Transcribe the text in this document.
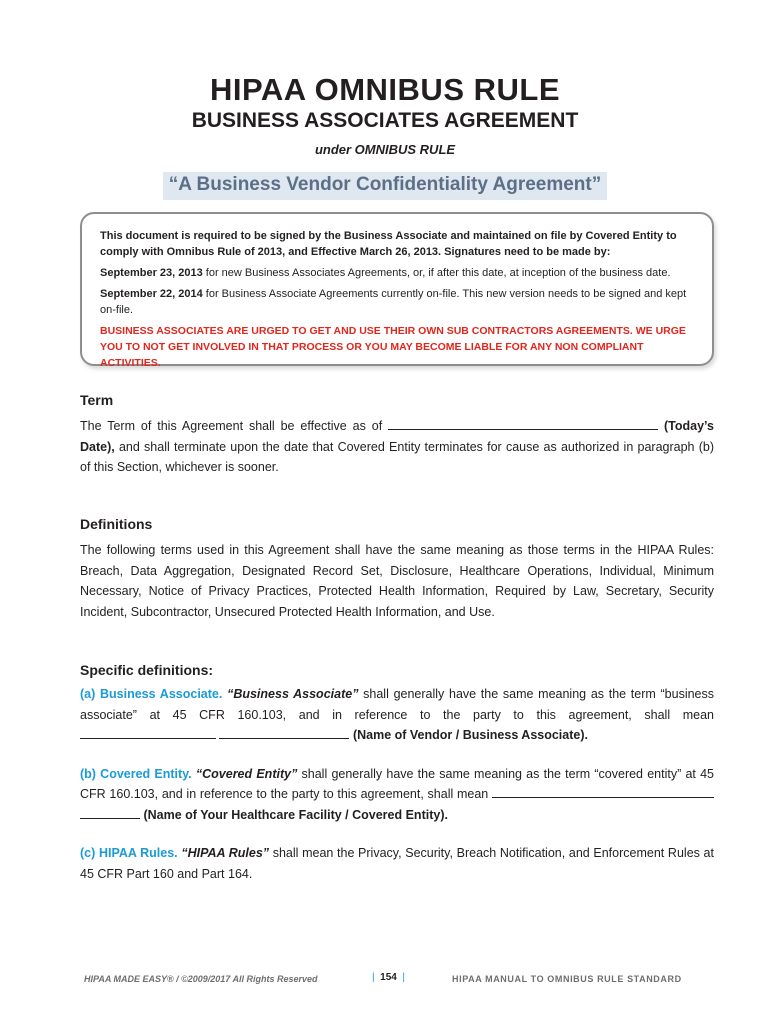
HIPAA OMNIBUS RULE
BUSINESS ASSOCIATES AGREEMENT
under OMNIBUS RULE
“A Business Vendor Confidentiality Agreement”

This document is required to be signed by the Business Associate and maintained on file by Covered Entity to comply with Omnibus Rule of 2013, and Effective March 26, 2013. Signatures need to be made by:

September 23, 2013 for new Business Associates Agreements, or, if after this date, at inception of the business date.

September 22, 2014 for Business Associate Agreements currently on-file. This new version needs to be signed and kept on-file.

BUSINESS ASSOCIATES ARE URGED TO GET AND USE THEIR OWN SUB CONTRACTORS AGREEMENTS. WE URGE YOU TO NOT GET INVOLVED IN THAT PROCESS OR YOU MAY BECOME LIABLE FOR ANY NON COMPLIANT ACTIVITIES.

Term

The Term of this Agreement shall be effective as of	(Today’s Date), and shall terminate upon the date that Covered Entity terminates for cause as authorized in paragraph (b) of this Section, whichever is sooner.

Definitions

The following terms used in this Agreement shall have the same meaning as those terms in the HIPAA Rules: Breach, Data Aggregation, Designated Record Set, Disclosure, Healthcare Operations, Individual, Minimum Necessary, Notice of Privacy Practices, Protected Health Information, Required by Law, Secretary, Security Incident, Subcontractor, Unsecured Protected Health Information, and Use.

Specific definitions:

(a) Business Associate. “Business Associate” shall generally have the same meaning as the term “business associate” at 45 CFR 160.103, and in reference to the party to this agreement, shall mean   (Name of Vendor / Business Associate).

(b) Covered Entity. “Covered Entity” shall generally have the same meaning as the term “covered entity” at 45 CFR 160.103, and in reference to the party to this agreement, shall mean   (Name of Your Healthcare Facility / Covered Entity).

(c) HIPAA Rules. “HIPAA Rules” shall mean the Privacy, Security, Breach Notification, and Enforcement Rules at 45 CFR Part 160 and Part 164.

HIPAA MADE EASY® / ©2009/2017 All Rights Reserved	| 154 |	HIPAA MANUAL TO OMNIBUS RULE STANDARD
